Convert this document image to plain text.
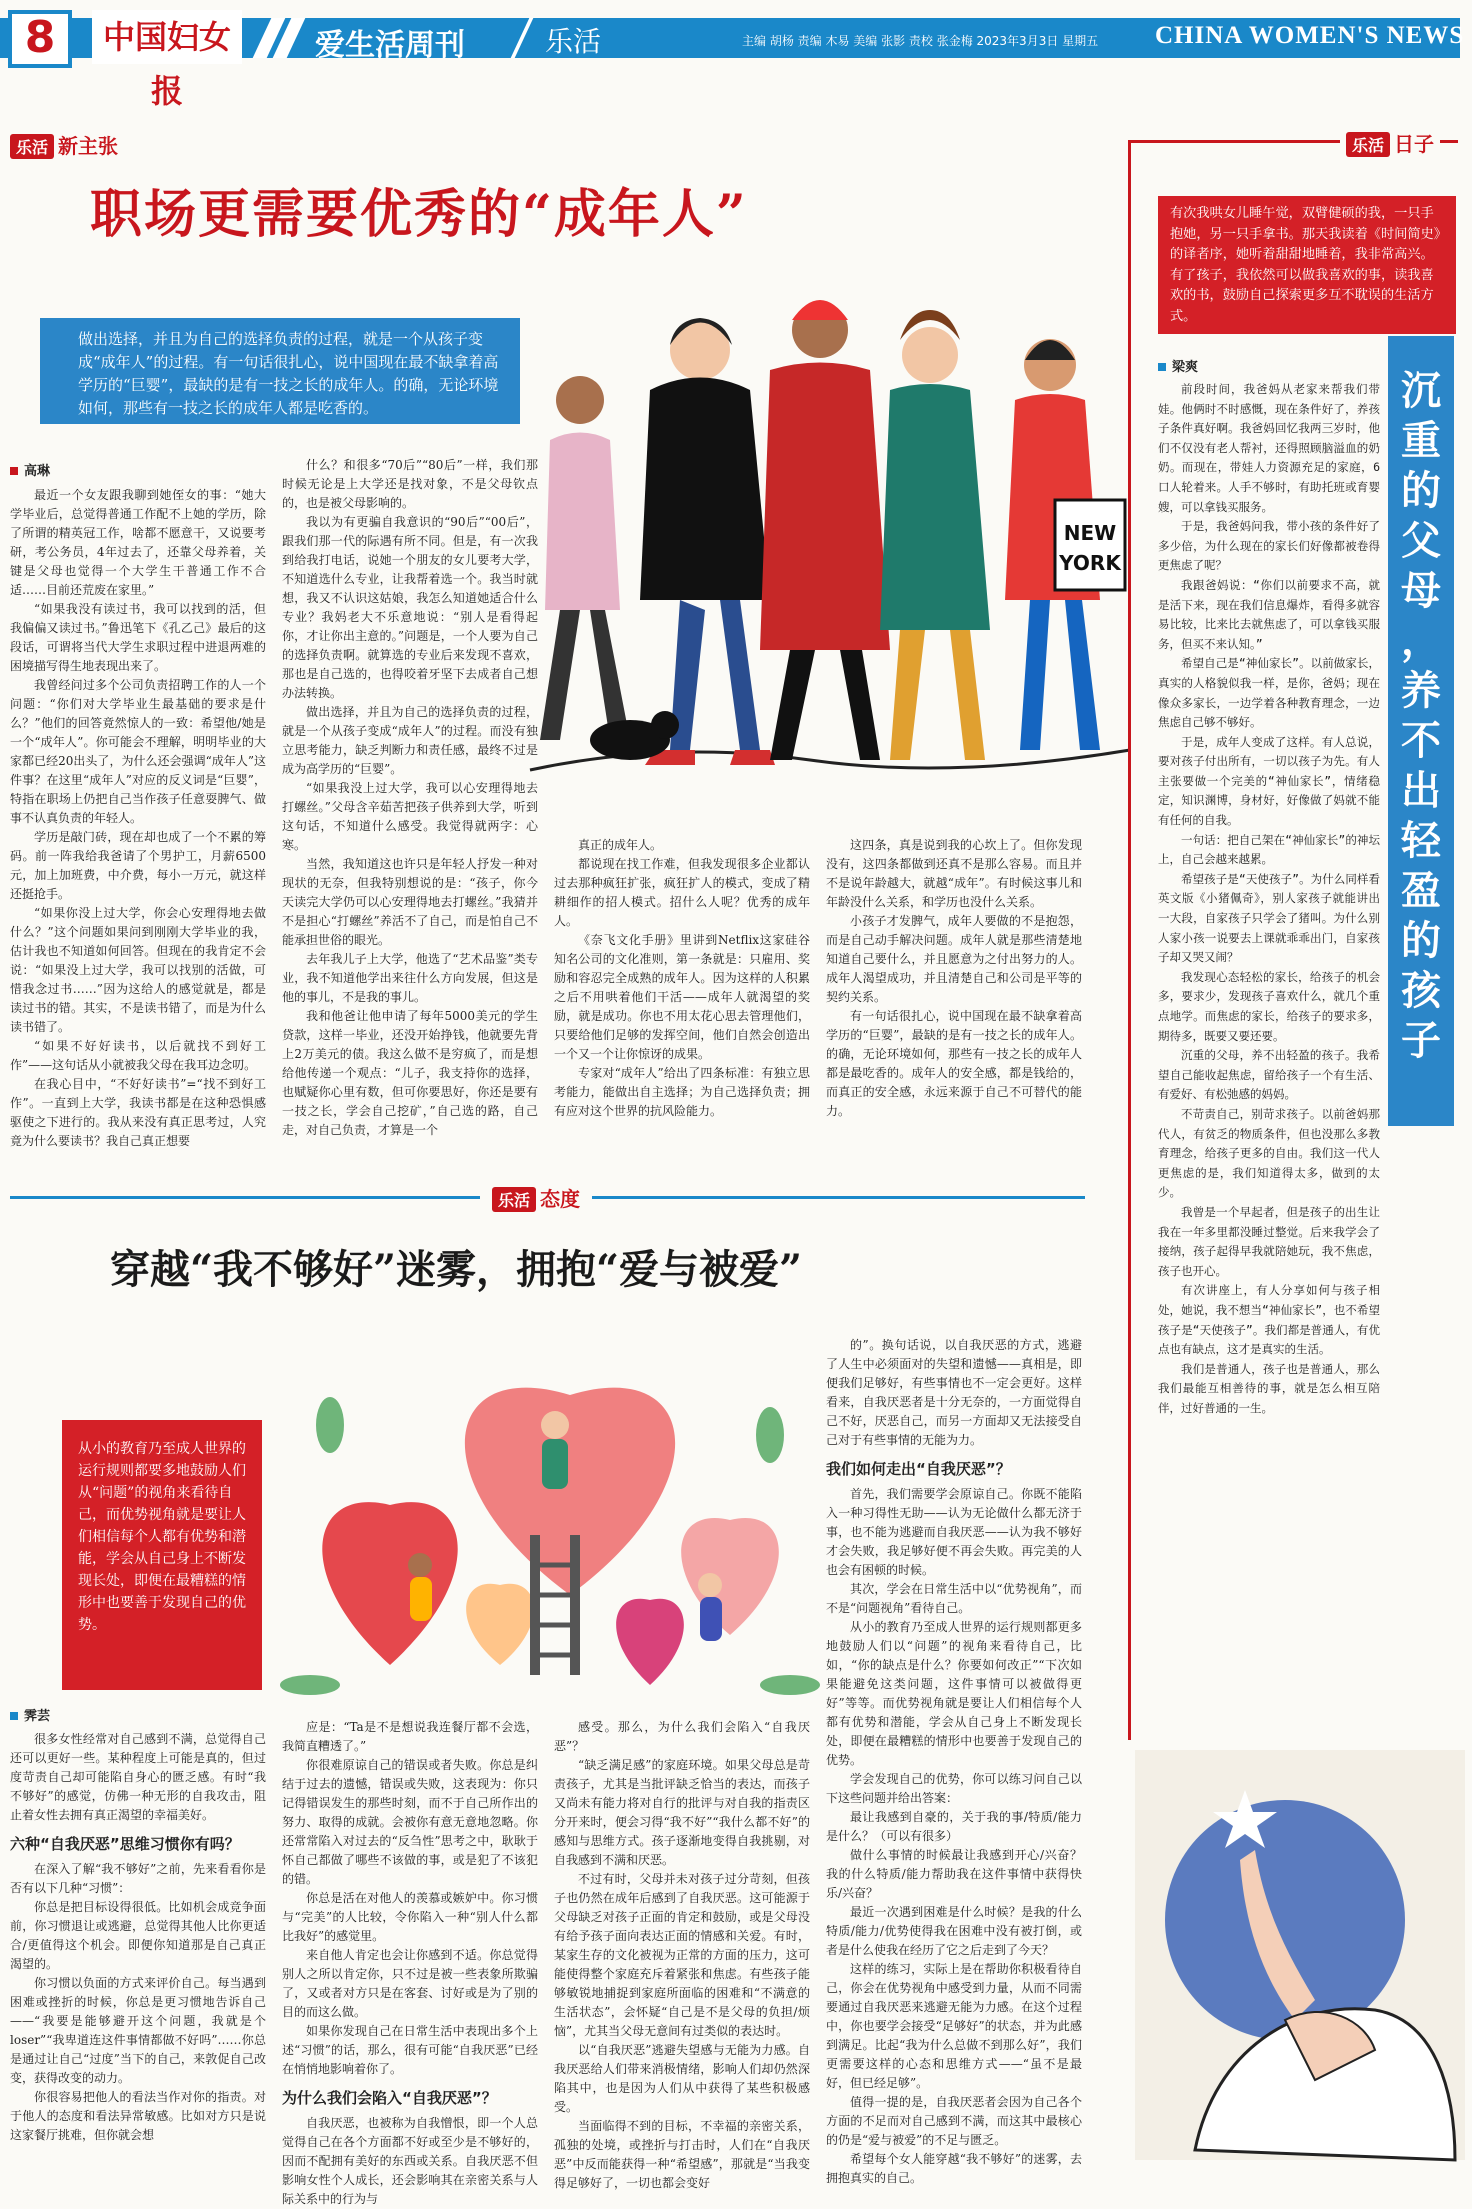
8	中国妇女报
爱生活周刊	乐活	主编 胡杨 责编 木易 美编 张影 责校 张金梅 2023年3月3日 星期五 CHINA WOMEN'S NEWS
乐活 新主张
职场更需要优秀的“成年人”
NEW
YORK
做出选择，并且为自己的选择负责的过程，就是一个从孩子变成“成年人”的过程。有一句话很扎心，说中国现在最不缺拿着高学历的“巨婴”，最缺的是有一技之长的成年人。的确，无论环境如何，那些有一技之长的成年人都是吃香的。
高琳

最近一个女友跟我聊到她侄女的事：“她大学毕业后，总觉得普通工作配不上她的学历，除了所谓的精英冠工作，啥都不愿意干，又说要考研，考公务员，4年过去了，还靠父母养着，关键是父母也觉得一个大学生干普通工作不合适……目前还荒废在家里。”

“如果我没有读过书，我可以找到的活，但我偏偏又读过书。”鲁迅笔下《孔乙己》最后的这段话，可谓将当代大学生求职过程中进退两难的困境描写得生地表现出来了。

我曾经问过多个公司负责招聘工作的人一个问题：“你们对大学毕业生最基础的要求是什么？”他们的回答竟然惊人的一致：希望他/她是一个“成年人”。你可能会不理解，明明毕业的大家都已经20出头了，为什么还会强调“成年人”这件事？在这里“成年人”对应的反义词是“巨婴”，特指在职场上仍把自己当作孩子任意耍脾气、做事不认真负责的年轻人。

学历是敲门砖，现在却也成了一个不累的筹码。前一阵我给我爸请了个男护工，月薪6500元，加上加班费，中介费，每小一万元，就这样还挺抢手。

“如果你没上过大学，你会心安理得地去做什么？”这个问题如果问到刚刚大学毕业的我，估计我也不知道如何回答。但现在的我肯定不会说：“如果没上过大学，我可以找别的活做，可惜我念过书……”因为这给人的感觉就是，都是读过书的错。其实，不是读书错了，而是为什么读书错了。

“如果不好好读书，以后就找不到好工作”——这句话从小就被我父母在我耳边念叨。

在我心目中，“不好好读书”=“找不到好工作”。一直到上大学，我读书都是在这种恐惧感驱使之下进行的。我从来没有真正思考过，人究竟为什么要读书？我自己真正想要

什么？和很多“70后”“80后”一样，我们那时候无论是上大学还是找对象，不是父母钦点的，也是被父母影响的。

我以为有更骗自我意识的“90后”“00后”，跟我们那一代的际遇有所不同。但是，有一次我到给我打电话，说她一个朋友的女儿要考大学，不知道选什么专业，让我帮着选一个。我当时就想，我又不认识这姑娘，我怎么知道她适合什么专业？我妈老大不乐意地说：“别人是看得起你，才让你出主意的。”问题是，一个人要为自己的选择负责啊。就算选的专业后来发现不喜欢，那也是自己选的，也得咬着牙坚下去成者自己想办法转换。

做出选择，并且为自己的选择负责的过程，就是一个从孩子变成“成年人”的过程。而没有独立思考能力，缺乏判断力和责任感，最终不过是成为高学历的“巨婴”。

“如果我没上过大学，我可以心安理得地去打螺丝。”父母含辛茹苦把孩子供养到大学，听到这句话，不知道什么感受。我觉得就两字：心寒。

当然，我知道这也许只是年轻人抒发一种对现状的无奈，但我特别想说的是：“孩子，你今天读完大学仍可以心安理得地去打螺丝。”我猜并不是担心“打螺丝”养活不了自己，而是怕自己不能承担世俗的眼光。

去年我儿子上大学，他选了“艺术品鉴”类专业，我不知道他学出来往什么方向发展，但这是他的事儿，不是我的事儿。

我和他爸让他申请了每年5000美元的学生贷款，这样一毕业，还没开始挣钱，他就要先背上2万美元的债。我这么做不是穷疯了，而是想给他传递一个观点：“儿子，我支持你的选择，也赋疑你心里有数，但可你要思好，你还是要有一技之长，学会自己挖矿，”自己选的路，自己走，对自己负责，才算是一个

真正的成年人。

都说现在找工作难，但我发现很多企业都认过去那种疯狂扩张，疯狂扩人的模式，变成了精耕细作的招人模式。招什么人呢？优秀的成年人。

《奈飞文化手册》里讲到Netflix这家硅谷知名公司的文化准则，第一条就是：只雇用、奖励和容忍完全成熟的成年人。因为这样的人积累之后不用哄着他们干活——成年人就渴望的奖励，就是成功。你也不用太花心思去管理他们，只要给他们足够的发挥空间，他们自然会创造出一个又一个让你惊讶的成果。

专家对“成年人”给出了四条标准：有独立思考能力，能做出自主选择；为自己选择负责；拥有应对这个世界的抗风险能力。

这四条，真是说到我的心坎上了。但你发现没有，这四条都做到还真不是那么容易。而且并不是说年龄越大，就越“成年”。有时候这事儿和年龄没什么关系，和学历也没什么关系。

小孩子才发脾气，成年人要做的不是抱怨，而是自己动手解决问题。成年人就是那些清楚地知道自己要什么，并且愿意为之付出努力的人。成年人渴望成功，并且清楚自己和公司是平等的契约关系。

有一句话很扎心，说中国现在最不缺拿着高学历的“巨婴”，最缺的是有一技之长的成年人。的确，无论环境如何，那些有一技之长的成年人都是最吃香的。成年人的安全感，都是钱给的，而真正的安全感，永远来源于自己不可替代的能力。

乐活 态度
穿越“我不够好”迷雾，拥抱“爱与被爱”
从小的教育乃至成人世界的运行规则都要多地鼓励人们从“问题”的视角来看待自己，而优势视角就是要让人们相信每个人都有优势和潜能，学会从自己身上不断发现长处，即便在最糟糕的情形中也要善于发现自己的优势。
霁芸

很多女性经常对自己感到不满，总觉得自己还可以更好一些。某种程度上可能是真的，但过度苛责自己却可能陷自身心的匮乏感。有时“我不够好”的感觉，仿佛一种无形的自我攻击，阻止着女性去拥有真正渴望的幸福美好。

六种“自我厌恶”思维习惯你有吗？

在深入了解“我不够好”之前，先来看看你是否有以下几种“习惯”：

你总是把目标设得很低。比如机会成竞争面前，你习惯退让或逃避，总觉得其他人比你更适合/更值得这个机会。即便你知道那是自己真正渴望的。

你习惯以负面的方式来评价自己。每当遇到困难或挫折的时候，你总是更习惯地告诉自己——“我要是能够避开这个问题，我就是个loser”“我卑道连这件事情都做不好吗”……你总是通过让自己“过度”当下的自己，来敦促自己改变，获得改变的动力。

你很容易把他人的看法当作对你的指责。对于他人的态度和看法异常敏感。比如对方只是说这家餐厅挑难，但你就会想

应是：“Ta是不是想说我连餐厅都不会选，我简直糟透了。”

你很难原谅自己的错误或者失败。你总是纠结于过去的遗憾，错误或失败，这表现为：你只记得错误发生的那些时刻，而不于自己所作出的努力、取得的成就。会被你有意无意地忽略。你还常常陷入对过去的“反刍性”思考之中，耿耿于怀自己都做了哪些不该做的事，或是犯了不该犯的错。

你总是活在对他人的羡慕或嫉妒中。你习惯与“完美”的人比较，令你陷入一种“别人什么都比我好”的感觉里。

来自他人肯定也会让你感到不适。你总觉得别人之所以肯定你，只不过是被一些表象所欺骗了，又或者对方只是在客套、讨好或是为了别的目的而这么做。

如果你发现自己在日常生活中表现出多个上述“习惯”的话，那么，很有可能“自我厌恶”已经在悄悄地影响着你了。

为什么我们会陷入“自我厌恶”？

自我厌恶，也被称为自我憎恨，即一个人总觉得自己在各个方面都不好或至少是不够好的，因而不配拥有美好的东西或关系。自我厌恶不但影响女性个人成长，还会影响其在亲密关系与人际关系中的行为与

感受。那么，为什么我们会陷入“自我厌恶”？

“缺乏满足感”的家庭环境。如果父母总是苛责孩子，尤其是当批评缺乏恰当的表达，而孩子又尚未有能力将对自行的批评与对自我的指责区分开来时，便会习得“我不好”“我什么都不好”的感知与思维方式。孩子逐渐地变得自我挑剔，对自我感到不满和厌恶。

不过有时，父母并未对孩子过分苛刻，但孩子也仍然在成年后感到了自我厌恶。这可能源于父母缺乏对孩子正面的肯定和鼓励，或是父母没有给予孩子面向表达正面的情感和关爱。有时，某家生存的文化被视为正常的方面的压力，这可能使得整个家庭充斥着紧张和焦虑。有些孩子能够敏锐地捕捉到家庭所面临的困难和“不满意的生活状态”，会怀疑“自己是不是父母的负担/烦恼”，尤其当父母无意间有过类似的表达时。

以“自我厌恶”逃避失望感与无能为力感。自我厌恶给人们带来消极情绪，影响人们却仍然深陷其中，也是因为人们从中获得了某些积极感受。

当面临得不到的目标，不幸福的亲密关系，孤独的处境，或挫折与打击时，人们在“自我厌恶”中反而能获得一种“希望感”，那就是“当我变得足够好了，一切也都会变好

的”。换句话说，以自我厌恶的方式，逃避了人生中必须面对的失望和遗憾——真相是，即便我们足够好，有些事情也不一定会更好。这样看来，自我厌恶者是十分无奈的，一方面觉得自己不好，厌恶自己，而另一方面却又无法接受自己对于有些事情的无能为力。

我们如何走出“自我厌恶”？

首先，我们需要学会原谅自己。你既不能陷入一种习得性无助——认为无论做什么都无济于事，也不能为逃避而自我厌恶——认为我不够好才会失败，我足够好便不再会失败。再完美的人也会有困顿的时候。

其次，学会在日常生活中以“优势视角”，而不是“问题视角”看待自己。

从小的教育乃至成人世界的运行规则都更多地鼓励人们以“问题”的视角来看待自己，比如，“你的缺点是什么？你要如何改正”“下次如果能避免这类问题，这件事情可以被做得更好”等等。而优势视角就是要让人们相信每个人都有优势和潜能，学会从自己身上不断发现长处，即便在最糟糕的情形中也要善于发现自己的优势。

学会发现自己的优势，你可以练习问自己以下这些问题并给出答案：

最让我感到自豪的，关于我的事/特质/能力是什么？（可以有很多）

做什么事情的时候最让我感到开心/兴奋？我的什么特质/能力帮助我在这件事情中获得快乐/兴奋？

最近一次遇到困难是什么时候？是我的什么特质/能力/优势使得我在困难中没有被打倒，或者是什么使我在经历了它之后走到了今天？

这样的练习，实际上是在帮助你积极看待自己，你会在优势视角中感受到力量，从而不同需要通过自我厌恶来逃避无能为力感。在这个过程中，你也要学会接受“足够好”的状态，并为此感到满足。比起“我为什么总做不到那么好”，我们更需要这样的心态和思维方式——“虽不是最好，但已经足够”。

值得一提的是，自我厌恶者会因为自己各个方面的不足而对自己感到不满，而这其中最核心的仍是“爱与被爱”的不足与匮乏。

希望每个女人能穿越“我不够好”的迷雾，去拥抱真实的自己。

乐活 日子
有次我哄女儿睡午觉，双臂健硕的我，一只手抱她，另一只手拿书。那天我读着《时间简史》的译者序，她听着甜甜地睡着，我非常高兴。有了孩子，我依然可以做我喜欢的事，读我喜欢的书，鼓励自己探索更多互不耽误的生活方式。
梁爽	沉
重
的
父
母
，
养
不
出
轻
盈
的
孩
子

前段时间，我爸妈从老家来帮我们带娃。他俩时不时感慨，现在条件好了，养孩子条件真好啊。我爸妈回忆我两三岁时，他们不仅没有老人帮衬，还得照顾脑溢血的奶奶。而现在，带娃人力资源充足的家庭，6口人轮着来。人手不够时，有助托班或育婴嫂，可以拿钱买服务。

于是，我爸妈问我，带小孩的条件好了多少倍，为什么现在的家长们好像都被卷得更焦虑了呢？

我跟爸妈说：“你们以前要求不高，就是活下来，现在我们信息爆炸，看得多就容易比较，比来比去就焦虑了，可以拿钱买服务，但买不来认知。”

希望自己是“神仙家长”。以前做家长，真实的人格貌似我一样，是你，爸妈；现在像众多家长，一边学着各种教育理念，一边焦虑自己够不够好。

于是，成年人变成了这样。有人总说，要对孩子付出所有，一切以孩子为先。有人主张要做一个完美的“神仙家长”，情绪稳定，知识渊博，身材好，好像做了妈就不能有任何的自我。

一句话：把自己架在“神仙家长”的神坛上，自己会越来越累。

希望孩子是“天使孩子”。为什么同样看英文版《小猪佩奇》，别人家孩子就能讲出一大段，自家孩子只学会了猪叫。为什么别人家小孩一说要去上课就乖乖出门，自家孩子却又哭又闹？

我发现心态轻松的家长，给孩子的机会多，要求少，发现孩子喜欢什么，就几个重点地学。而焦虑的家长，给孩子的要求多，期待多，既要又要还要。

沉重的父母，养不出轻盈的孩子。我希望自己能收起焦虑，留给孩子一个有生活、有爱好、有松弛感的妈妈。

不苛责自己，别苛求孩子。以前爸妈那代人，有贫乏的物质条件，但也没那么多教育理念，给孩子更多的自由。我们这一代人更焦虑的是，我们知道得太多，做到的太少。

我曾是一个早起者，但是孩子的出生让我在一年多里都没睡过整觉。后来我学会了接纳，孩子起得早我就陪她玩，我不焦虑，孩子也开心。

有次讲座上，有人分享如何与孩子相处，她说，我不想当“神仙家长”，也不希望孩子是“天使孩子”。我们都是普通人，有优点也有缺点，这才是真实的生活。

我们是普通人，孩子也是普通人，那么我们最能互相善待的事，就是怎么相互陪伴，过好普通的一生。
